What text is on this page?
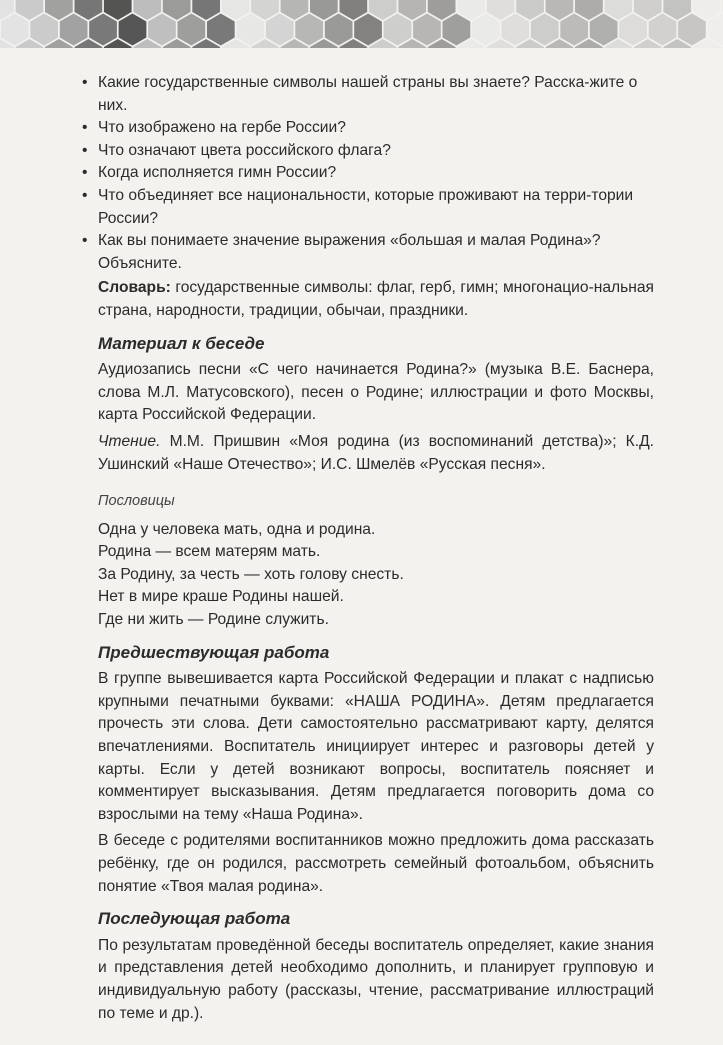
• Какие государственные символы нашей страны вы знаете? Расска-жите о них.
• Что изображено на гербе России?
• Что означают цвета российского флага?
• Когда исполняется гимн России?
• Что объединяет все национальности, которые проживают на терри-тории России?
• Как вы понимаете значение выражения «большая и малая Родина»? Объясните.

Словарь: государственные символы: флаг, герб, гимн; многонацио-нальная страна, народности, традиции, обычаи, праздники.

Материал к беседе

Аудиозапись песни «С чего начинается Родина?» (музыка В.Е. Баснера, слова М.Л. Матусовского), песен о Родине; иллюстрации и фото Москвы, карта Российской Федерации.

Чтение. М.М. Пришвин «Моя родина (из воспоминаний детства)»; К.Д. Ушинский «Наше Отечество»; И.С. Шмелёв «Русская песня».

Пословицы

Одна у человека мать, одна и родина.

Родина — всем матерям мать.

За Родину, за честь — хоть голову снесть.

Нет в мире краше Родины нашей.

Где ни жить — Родине служить.

Предшествующая работа

В группе вывешивается карта Российской Федерации и плакат с надписью крупными печатными буквами: «НАША РОДИНА». Детям предлагается прочесть эти слова. Дети самостоятельно рассматривают карту, делятся впечатлениями. Воспитатель инициирует интерес и разговоры детей у карты. Если у детей возникают вопросы, воспитатель поясняет и комментирует высказывания. Детям предлагается поговорить дома со взрослыми на тему «Наша Родина».

В беседе с родителями воспитанников можно предложить дома рассказать ребёнку, где он родился, рассмотреть семейный фотоальбом, объяснить понятие «Твоя малая родина».

Последующая работа

По результатам проведённой беседы воспитатель определяет, какие знания и представления детей необходимо дополнить, и планирует групповую и индивидуальную работу (рассказы, чтение, рассматривание иллюстраций по теме и др.).
